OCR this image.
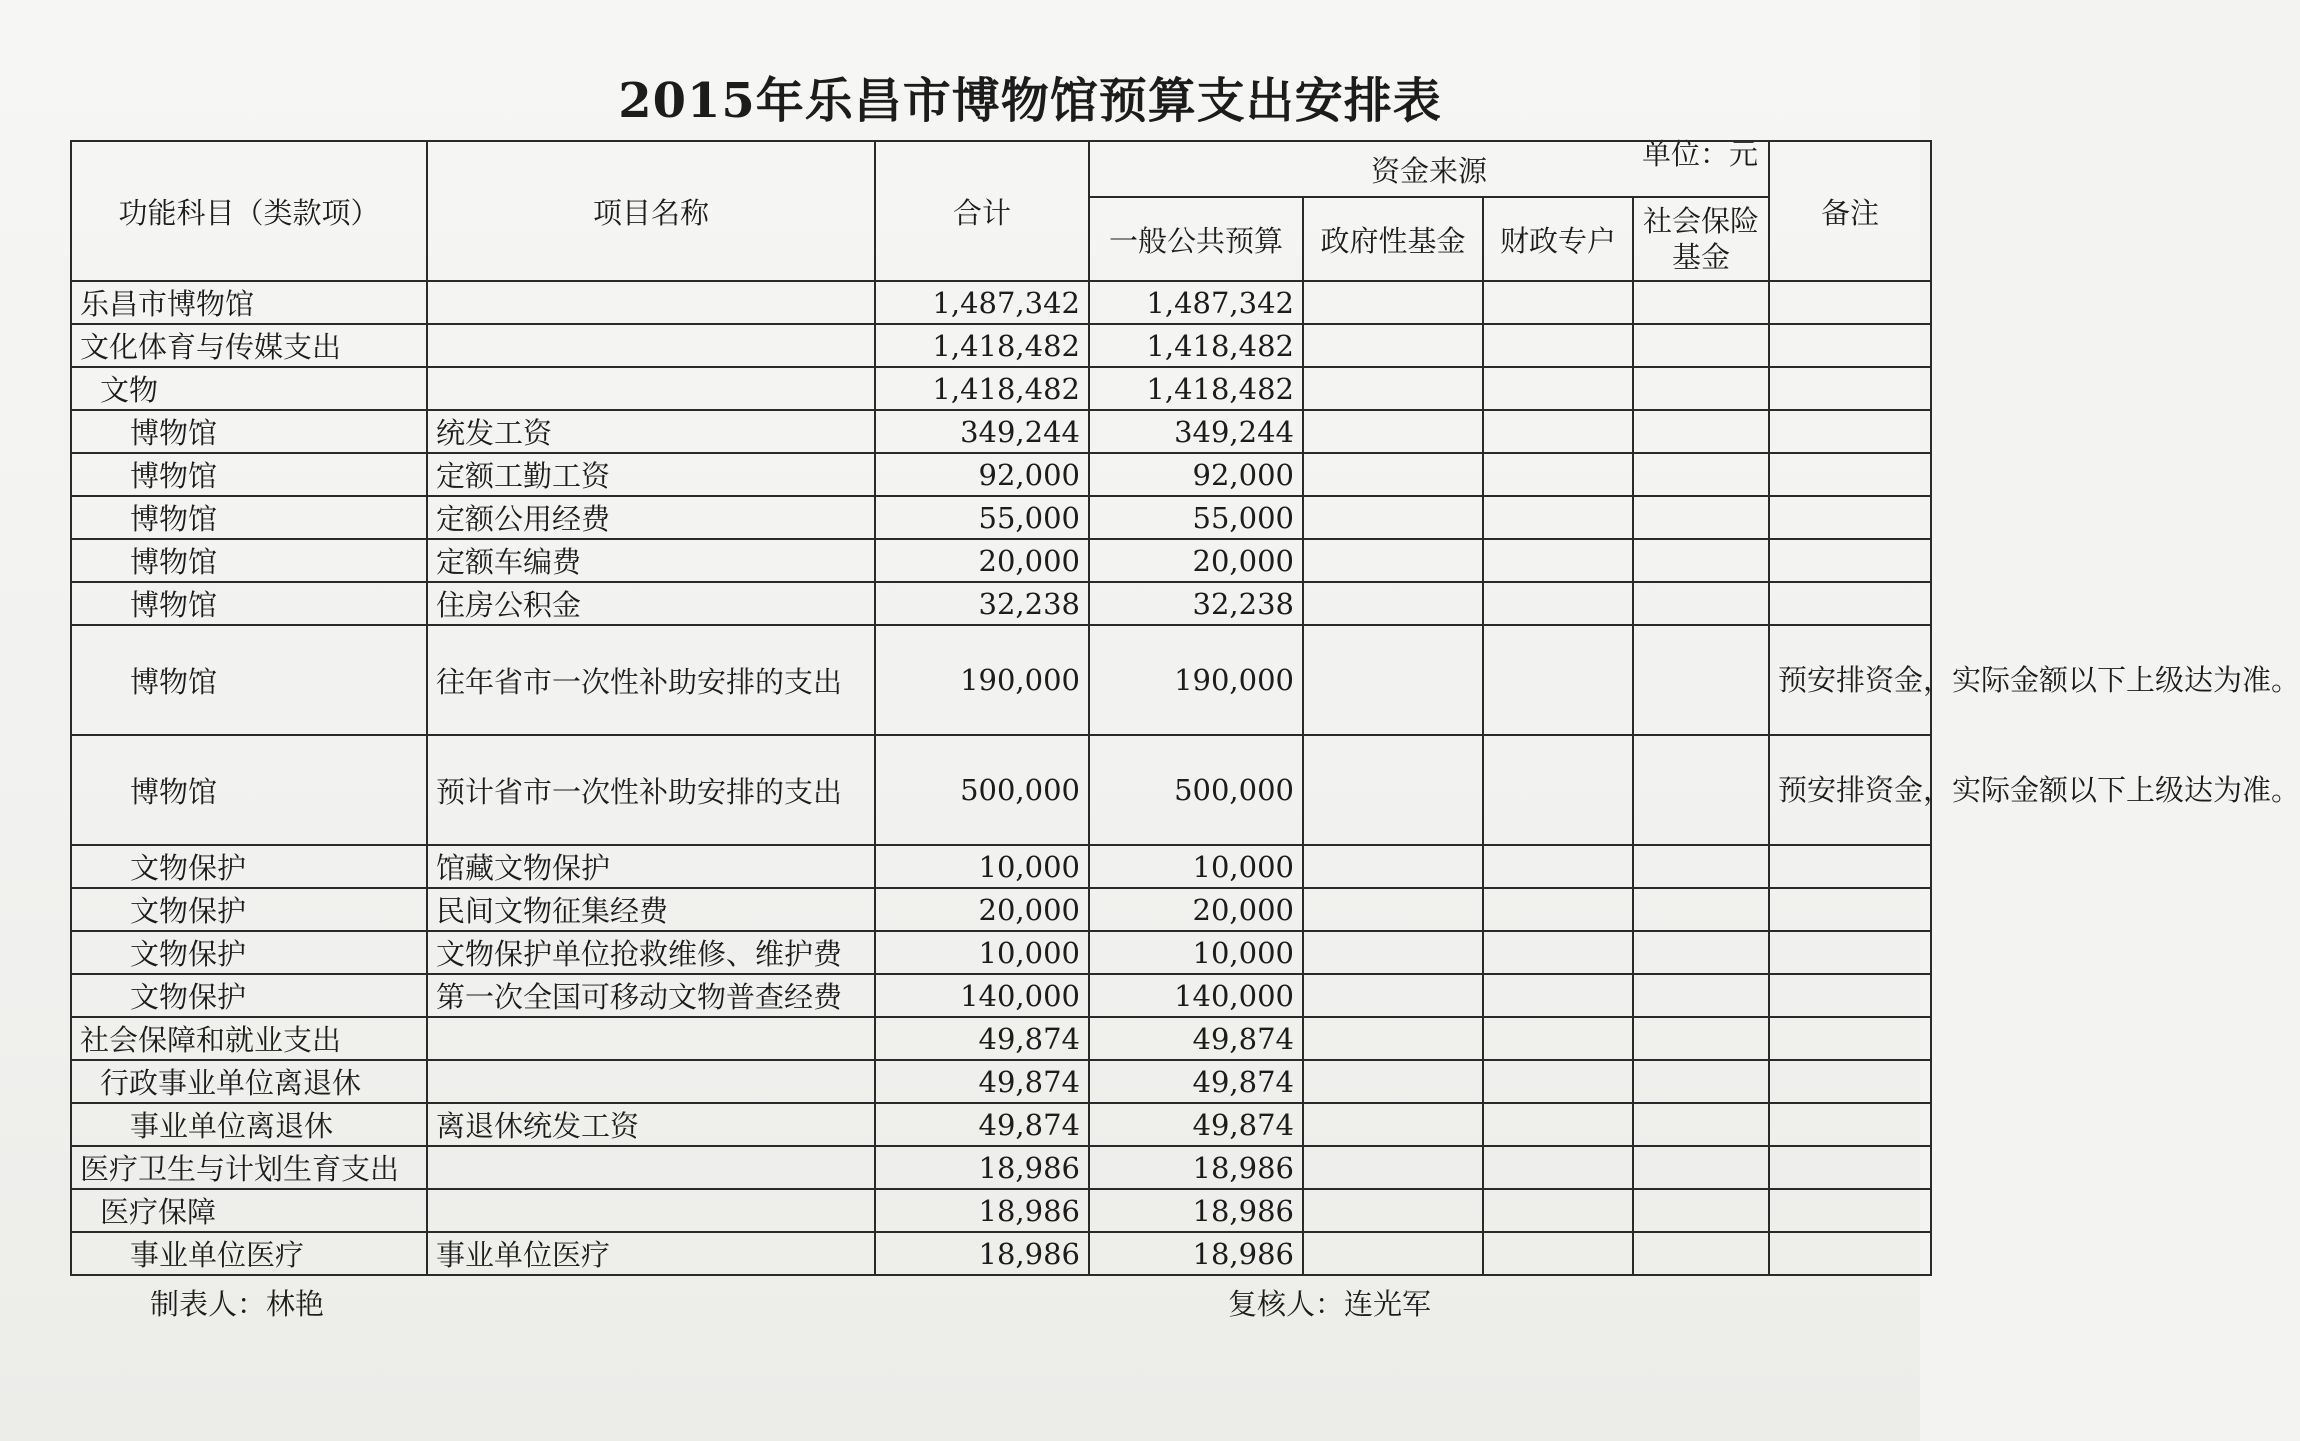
2015年乐昌市博物馆预算支出安排表
单位：元
功能科目（类款项）	项目名称	合计	资金来源				备注
			一般公共预算	政府性基金	财政专户	社会保险基金	
乐昌市博物馆		1,487,342	1,487,342				
文化体育与传媒支出		1,418,482	1,418,482				
文物		1,418,482	1,418,482				
博物馆	统发工资	349,244	349,244				
博物馆	定额工勤工资	92,000	92,000				
博物馆	定额公用经费	55,000	55,000				
博物馆	定额车编费	20,000	20,000				
博物馆	住房公积金	32,238	32,238				
博物馆	往年省市一次性补助安排的支出	190,000	190,000				预安排资金，实际金额以下上级达为准。
博物馆	预计省市一次性补助安排的支出	500,000	500,000				预安排资金，实际金额以下上级达为准。
文物保护	馆藏文物保护	10,000	10,000				
文物保护	民间文物征集经费	20,000	20,000				
文物保护	文物保护单位抢救维修、维护费	10,000	10,000				
文物保护	第一次全国可移动文物普查经费	140,000	140,000				
社会保障和就业支出		49,874	49,874				
行政事业单位离退休		49,874	49,874				
事业单位离退休	离退休统发工资	49,874	49,874				
医疗卫生与计划生育支出		18,986	18,986				
医疗保障		18,986	18,986				
事业单位医疗	事业单位医疗	18,986	18,986				
制表人：林艳	复核人：连光军
